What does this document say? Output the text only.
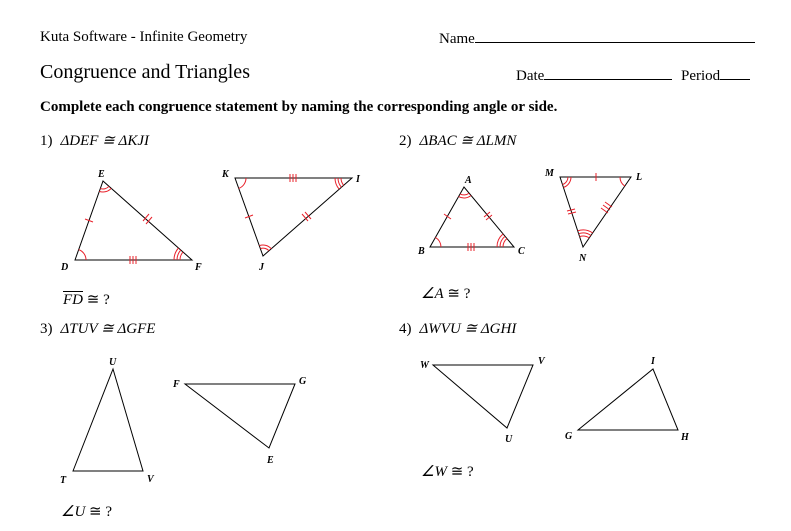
Kuta Software - Infinite Geometry	Name
Congruence and Triangles	Date	Period
Complete each congruence statement by naming the corresponding angle or side.
1) ΔDEF ≅ ΔKJI
$\overline{FD}$ ≅ ?
2) ΔBAC ≅ ΔLMN
∠A ≅ ?
3) ΔTUV ≅ ΔGFE
∠U ≅ ?
4) ΔWVU ≅ ΔGHI
∠W ≅ ?
E
D	F
K	I
J
A
B	C
M	L
N
U
T	V
F	G
E
W	V
U
I
G	H
